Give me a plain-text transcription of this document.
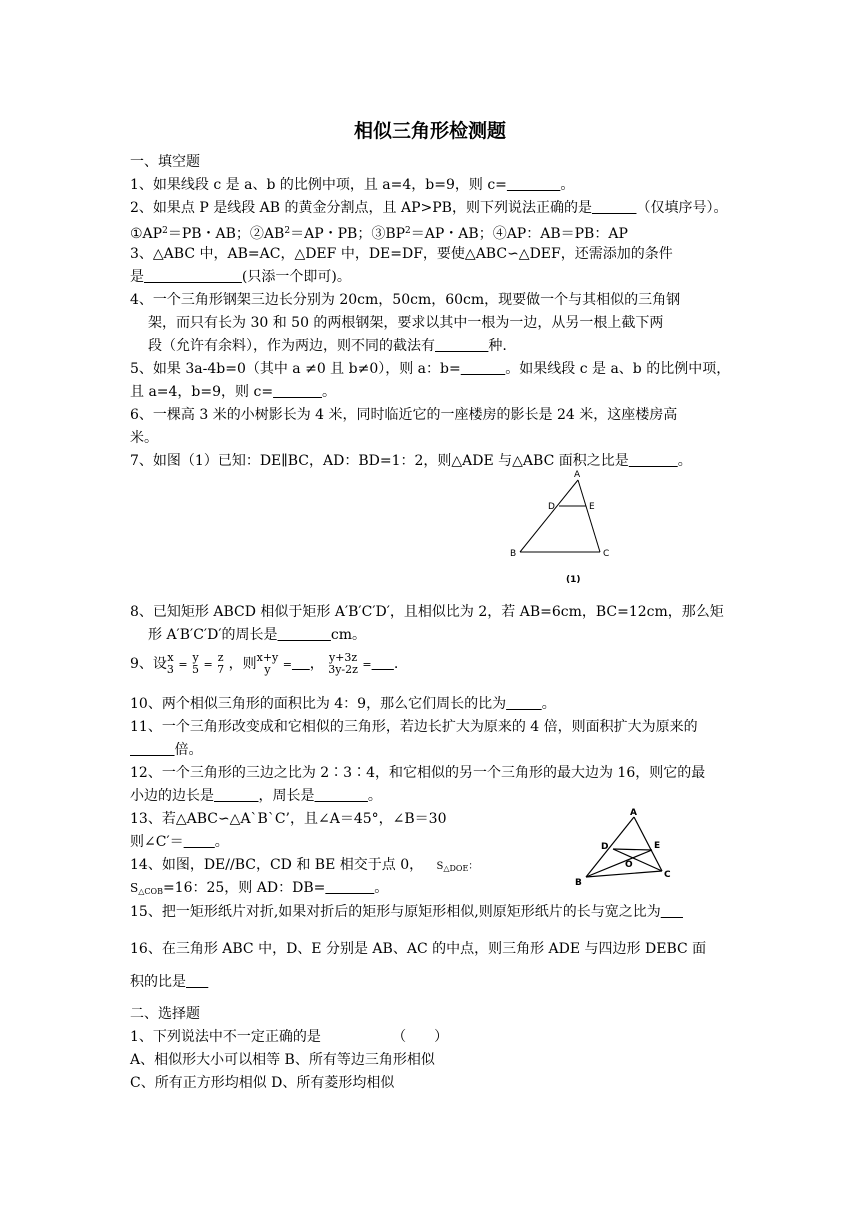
相似三角形检测题
一、填空题
1、如果线段 c 是 a、b 的比例中项，且 a=4，b=9，则 c=	。
2、如果点 P 是线段 AB 的黄金分割点，且 AP>PB，则下列说法正确的是	（仅填序号）。
$①AP^2=PB$・AB；$②AB^2=AP$・PB；$③BP^2=AP$・AB；④AP：AB＝PB：AP
3、△ABC 中，AB=AC，△DEF 中，DE=DF，要使△ABC∽△DEF，还需添加的条件
是	(只添一个即可)。
4、一个三角形钢架三边长分别为 20cm，50cm，60cm，现要做一个与其相似的三角钢
架，而只有长为 30 和 50 的两根钢架，要求以其中一根为一边，从另一根上截下两
段（允许有余料），作为两边，则不同的截法有	种.
5、如果 3a-4b=0（其中 a ≠0 且 b≠0），则 a：b=	。如果线段 c 是 a、b 的比例中项，
且 a=4，b=9，则 c=	。
6、一棵高 3 米的小树影长为 4 米，同时临近它的一座楼房的影长是 24 米，这座楼房高
米。
7、如图（1）已知：DE∥BC，AD：BD=1：2，则△ADE 与△ABC 面积之比是	。
A
D	E
B	C
(1)
8、已知矩形 ABCD 相似于矩形 A′B′C′D′，且相似比为 2，若 AB=6cm，BC=12cm，那么矩
形 A′B′C′D′的周长是	cm。
9、设 x
3 =
y
5 =
z
7 ，则 x+y
y	= ， y+3z
3y-2z = .
10、两个相似三角形的面积比为 4：9，那么它们周长的比为	。
11、一个三角形改变成和它相似的三角形，若边长扩大为原来的 4 倍，则面积扩大为原来的
倍。
12、一个三角形的三边之比为 2∶3∶4，和它相似的另一个三角形的最大边为 16，则它的最
小边的边长是	，周长是	。
13、若△ABC∽△A`B`C’，且∠A＝45°，∠B＝30
则∠C′＝ 。
14、如图，DE//BC，CD 和 BE 相交于点 0， $S_{\triangle DOE}$：
$S_{\triangle COB}=16$：25，则 AD：DB=	。
A
D	E
O
B
C
15、把一矩形纸片对折,如果对折后的矩形与原矩形相似,则原矩形纸片的长与宽之比为
16、在三角形 ABC 中，D、E 分别是 AB、AC 的中点，则三角形 ADE 与四边形 DEBC 面
积的比是
二、选择题
1、下列说法中不一定正确的是	（　　）
A、相似形大小可以相等 B、所有等边三角形相似
C、所有正方形均相似 D、所有菱形均相似
